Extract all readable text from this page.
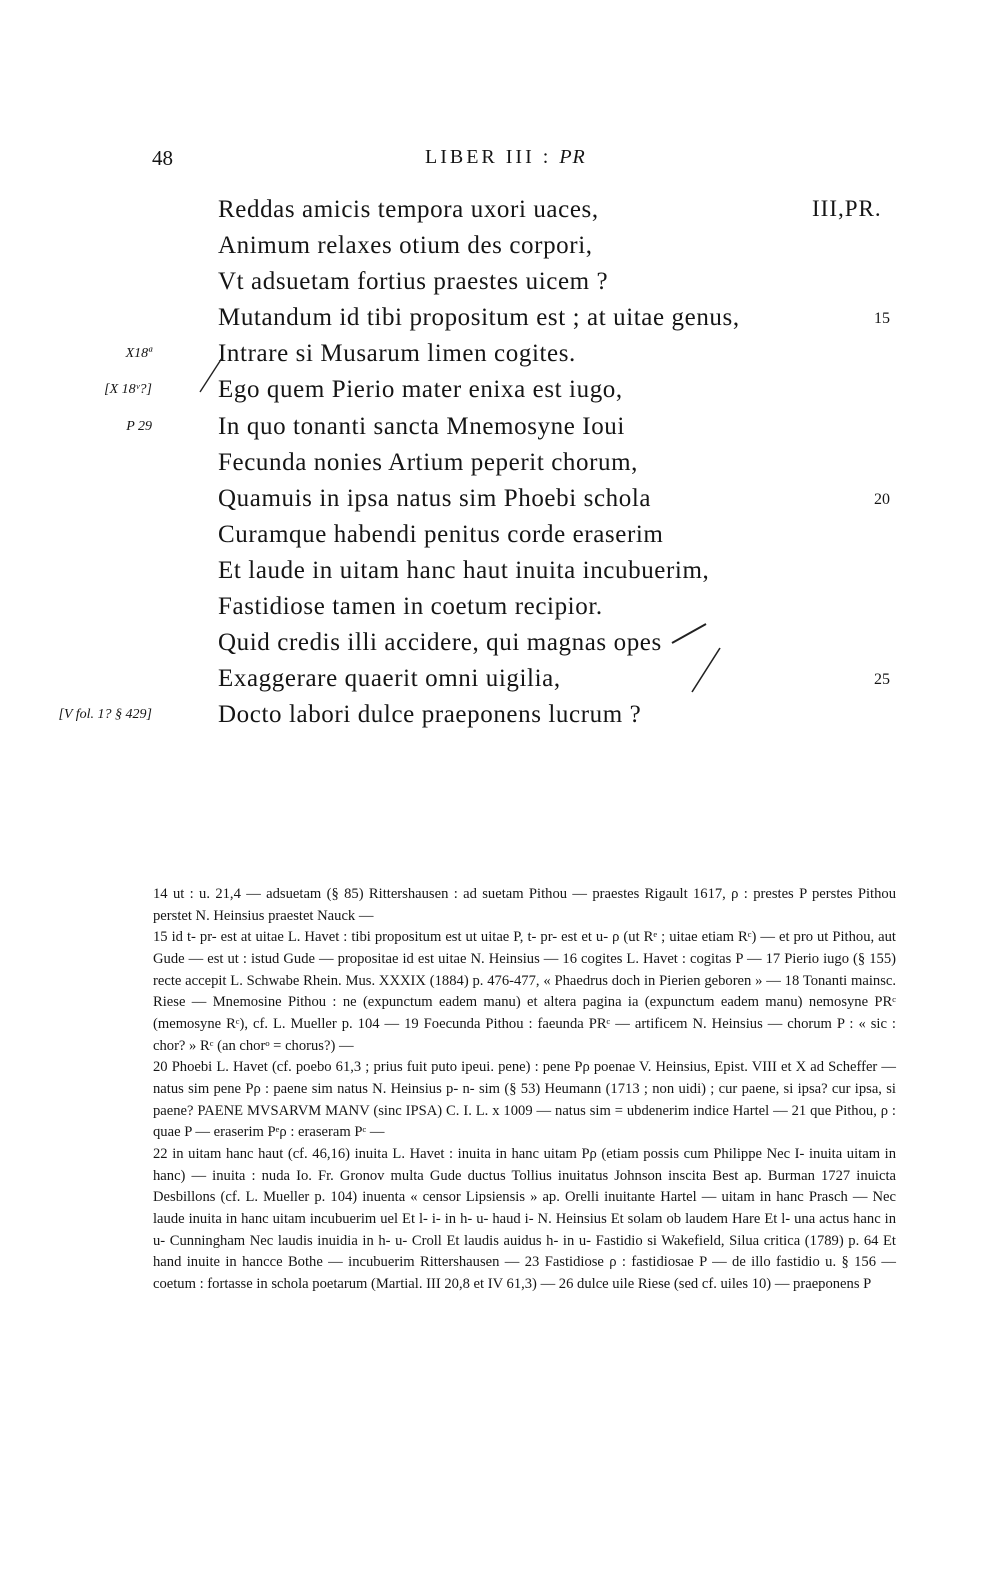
48	LIBER III : PR
Reddas amicis tempora uxori uaces,	III,PR.
Animum relaxes otium des corpori,
Vt adsuetam fortius praestes uicem ?
Mutandum id tibi propositum est ; at uitae genus,	15
X18ª	Intrare si Musarum limen cogites.
[X 18ᵛ?]	Ego quem Pierio mater enixa est iugo,
P 29	In quo tonanti sancta Mnemosyne Ioui
Fecunda nonies Artium peperit chorum,
Quamuis in ipsa natus sim Phoebi schola	20
Curamque habendi penitus corde eraserim
Et laude in uitam hanc haut inuita incubuerim,
Fastidiose tamen in coetum recipior.
Quid credis illi accidere, qui magnas opes
Exaggerare quaerit omni uigilia,	25
[V fol. 1? § 429]	Docto labori dulce praeponens lucrum ?

14 ut : u. 21,4 — adsuetam (§ 85) Rittershausen : ad suetam Pithou — praestes Rigault 1617, ρ : prestes P perstes Pithou perstet N. Heinsius praestet Nauck —

15 id t- pr- est at uitae L. Havet : tibi propositum est ut uitae P, t- pr- est et u- ρ (ut Rᵉ ; uitae etiam Rᶜ) — et pro ut Pithou, aut Gude — est ut : istud Gude — propositae id est uitae N. Heinsius — 16 cogites L. Havet : cogitas P — 17 Pierio iugo (§ 155) recte accepit L. Schwabe Rhein. Mus. XXXIX (1884) p. 476-477, « Phaedrus doch in Pierien geboren » — 18 Tonanti mainsc. Riese — Mnemosine Pithou : ne (expunctum eadem manu) et altera pagina ia (expunctum eadem manu) nemosyne PRᶜ (memosyne Rᶜ), cf. L. Mueller p. 104 — 19 Foecunda Pithou : faeunda PRᶜ — artificem N. Heinsius — chorum P : « sic : chor? » Rᶜ (an chorᵒ = chorus?) —

20 Phoebi L. Havet (cf. poebo 61,3 ; prius fuit puto ipeui. pene) : pene Pρ poenae V. Heinsius, Epist. VIII et X ad Scheffer — natus sim pene Pρ : paene sim natus N. Heinsius p- n- sim (§ 53) Heumann (1713 ; non uidi) ; cur paene, si ipsa? cur ipsa, si paene? PAENE MVSARVM MANV (sinc IPSA) C. I. L. x 1009 — natus sim = ubdenerim indice Hartel — 21 que Pithou, ρ : quae P — eraserim Pᵉρ : eraseram Pᶜ —

22 in uitam hanc haut (cf. 46,16) inuita L. Havet : inuita in hanc uitam Pρ (etiam possis cum Philippe Nec I- inuita uitam in hanc) — inuita : nuda Io. Fr. Gronov multa Gude ductus Tollius inuitatus Johnson inscita Best ap. Burman 1727 inuicta Desbillons (cf. L. Mueller p. 104) inuenta « censor Lipsiensis » ap. Orelli inuitante Hartel — uitam in hanc Prasch — Nec laude inuita in hanc uitam incubuerim uel Et l- i- in h- u- haud i- N. Heinsius Et solam ob laudem Hare Et l- una actus hanc in u- Cunningham Nec laudis inuidia in h- u- Croll Et laudis auidus h- in u- Fastidio si Wakefield, Silua critica (1789) p. 64 Et hand inuite in hancce Bothe — incubuerim Rittershausen — 23 Fastidiose ρ : fastidiosae P — de illo fastidio u. § 156 — coetum : fortasse in schola poetarum (Martial. III 20,8 et IV 61,3) — 26 dulce uile Riese (sed cf. uiles 10) — praeponens P
